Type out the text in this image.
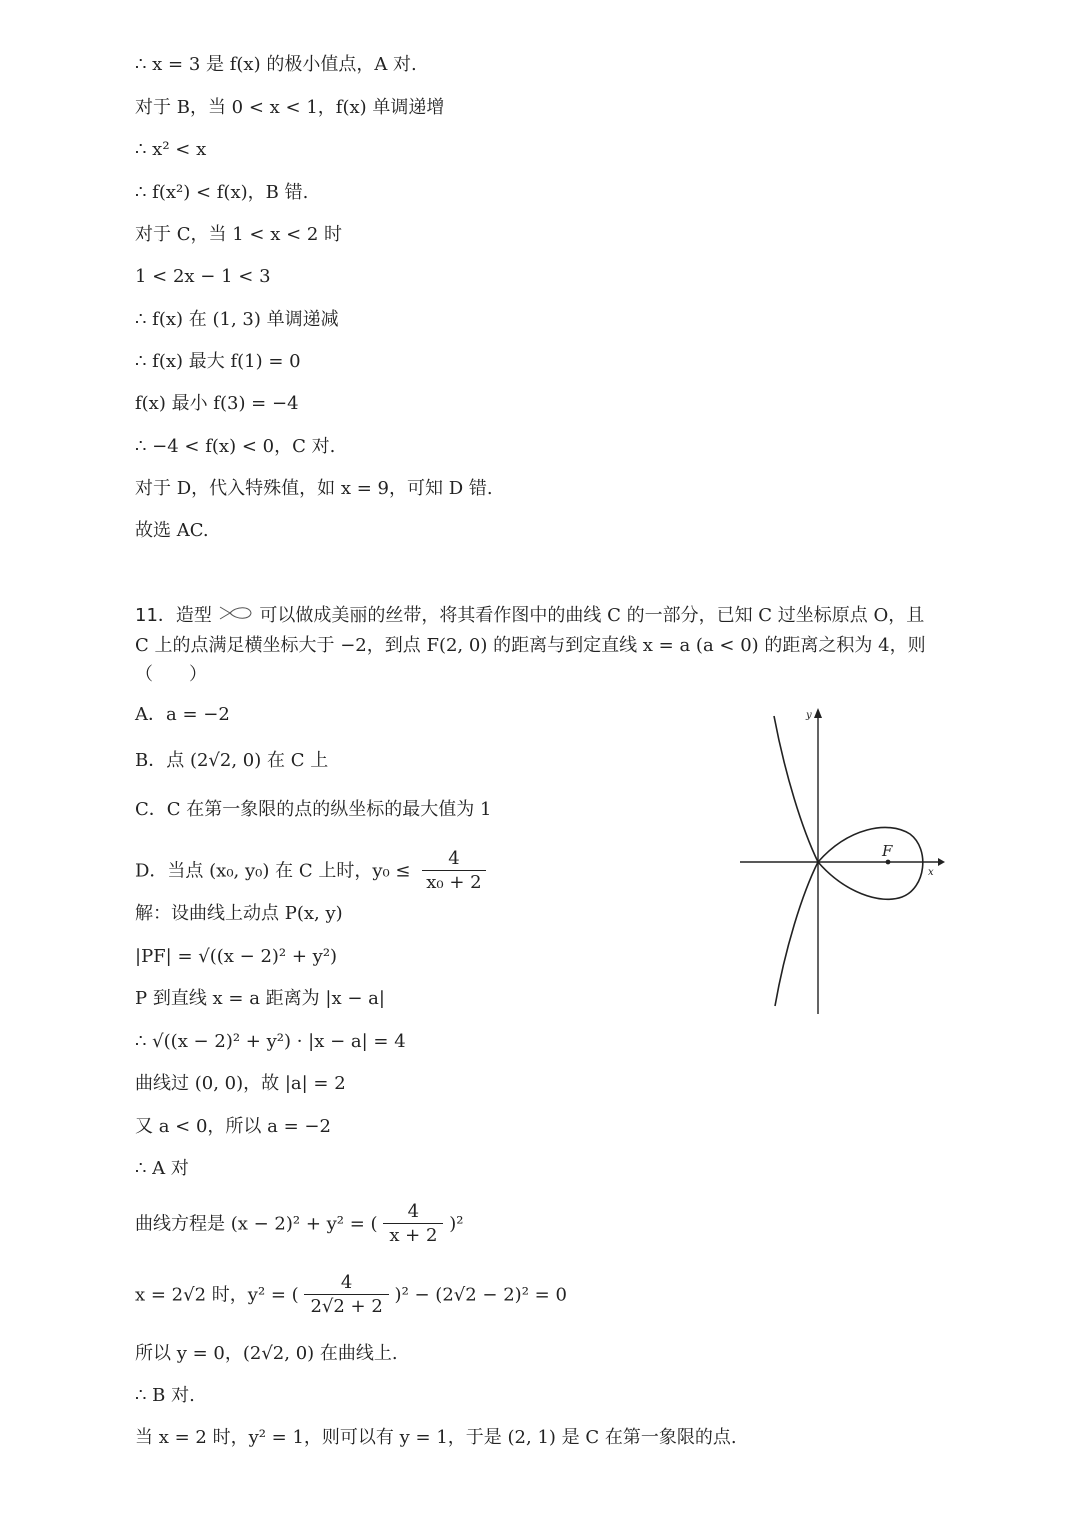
∴ x = 3 是 f(x) 的极小值点，A 对.
对于 B，当 0 < x < 1，f(x) 单调递增
∴ x² < x
∴ f(x²) < f(x)，B 错.
对于 C，当 1 < x < 2 时
1 < 2x − 1 < 3
∴ f(x) 在 (1, 3) 单调递减
∴ f(x) 最大 f(1) = 0
f(x) 最小 f(3) = −4
∴ −4 < f(x) < 0，C 对.
对于 D，代入特殊值，如 x = 9，可知 D 错.
故选 AC.
11．造型	可以做成美丽的丝带，将其看作图中的曲线 C 的一部分，已知 C 过坐标原点 O，且 C 上的点满足横坐标大于 −2，到点 F(2, 0) 的距离与到定直线 x = a (a < 0) 的距离之积为 4，则
（　　）
A．a = −2
B．点 (2√2, 0) 在 C 上
C．C 在第一象限的点的纵坐标的最大值为 1
D．当点 (x₀, y₀) 在 C 上时，$y_0 \le \frac{4}{\text{x₀ + 2}}$	F
x
y
解：设曲线上动点 P(x, y)
|PF| = √((x − 2)² + y²)
P 到直线 x = a 距离为 |x − a|
∴ √((x − 2)² + y²) · |x − a| = 4
曲线过 (0, 0)，故 |a| = 2
又 a < 0，所以 a = −2
∴ A 对
曲线方程是 (x − 2)² + y² = ( $\frac{4}{x + 2} )^2$
x = 2√2 时，y² = ( $\frac{4}{2√2 + 2} )^2 - (2√2 - 2)^2 = 0$
所以 y = 0，(2√2, 0) 在曲线上.
∴ B 对.
当 x = 2 时，y² = 1，则可以有 y = 1，于是 (2, 1) 是 C 在第一象限的点.
